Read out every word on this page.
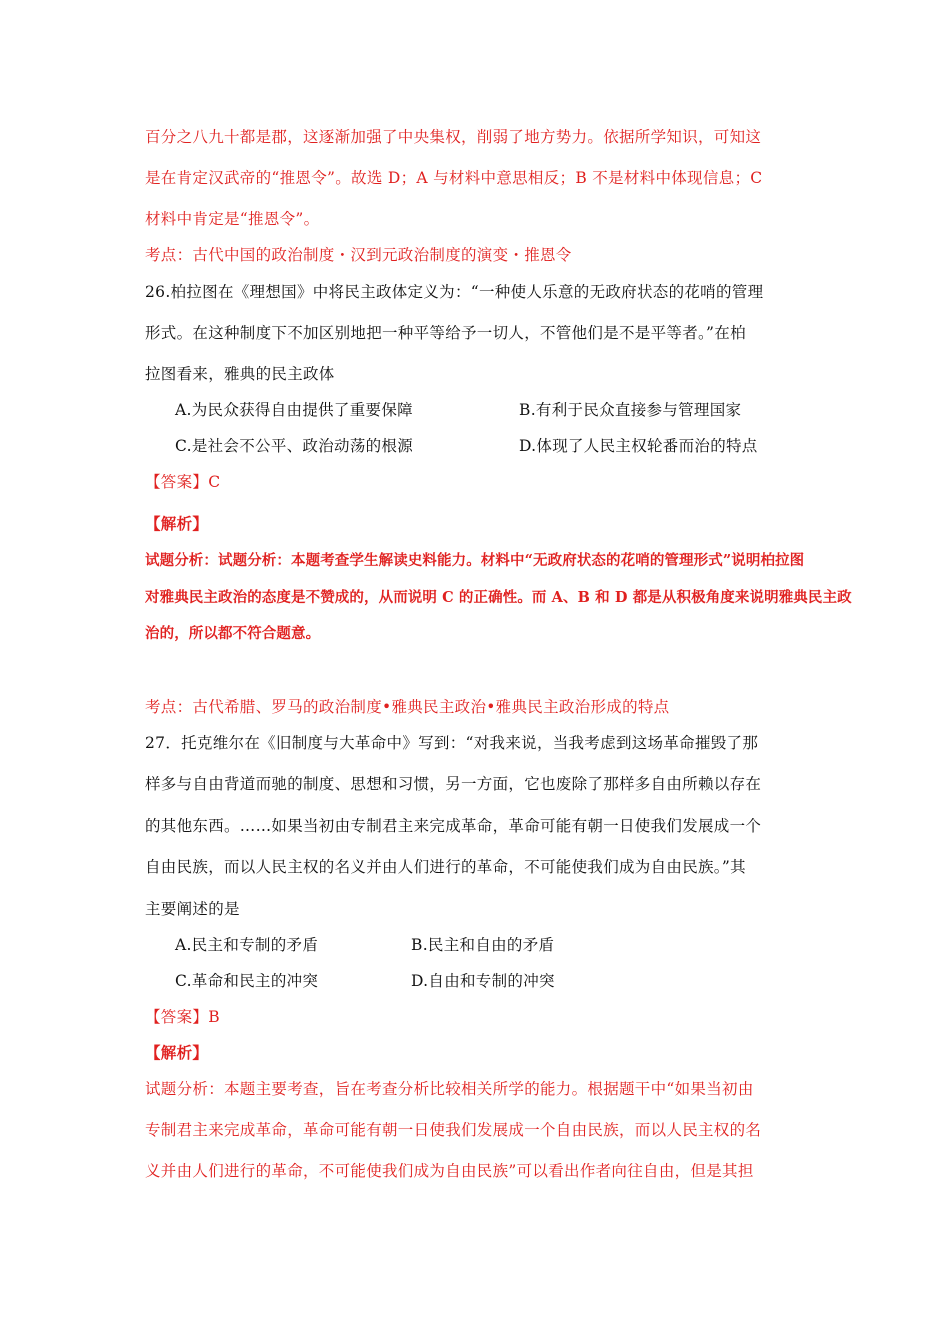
百分之八九十都是郡，这逐渐加强了中央集权，削弱了地方势力。依据所学知识，可知这
是在肯定汉武帝的“推恩令”。故选 D；A 与材料中意思相反；B 不是材料中体现信息；C
材料中肯定是“推恩令”。
考点：古代中国的政治制度・汉到元政治制度的演变・推恩令
26.柏拉图在《理想国》中将民主政体定义为：“一种使人乐意的无政府状态的花哨的管理
形式。在这种制度下不加区别地把一种平等给予一切人，不管他们是不是平等者。”在柏
拉图看来，雅典的民主政体
A.为民众获得自由提供了重要保障	B.有利于民众直接参与管理国家
C.是社会不公平、政治动荡的根源	D.体现了人民主权轮番而治的特点
【答案】C
【解析】
试题分析：试题分析：本题考查学生解读史料能力。材料中“无政府状态的花哨的管理形式”说明柏拉图
对雅典民主政治的态度是不赞成的，从而说明 C 的正确性。而 A、B 和 D 都是从积极角度来说明雅典民主政
治的，所以都不符合题意。
考点：古代希腊、罗马的政治制度•雅典民主政治•雅典民主政治形成的特点
27．托克维尔在《旧制度与大革命中》写到：“对我来说，当我考虑到这场革命摧毁了那
样多与自由背道而驰的制度、思想和习惯，另一方面，它也废除了那样多自由所赖以存在
的其他东西。……如果当初由专制君主来完成革命，革命可能有朝一日使我们发展成一个
自由民族，而以人民主权的名义并由人们进行的革命，不可能使我们成为自由民族。”其
主要阐述的是
A.民主和专制的矛盾	B.民主和自由的矛盾
C.革命和民主的冲突	D.自由和专制的冲突
【答案】B
【解析】
试题分析：本题主要考查，旨在考查分析比较相关所学的能力。根据题干中“如果当初由
专制君主来完成革命，革命可能有朝一日使我们发展成一个自由民族，而以人民主权的名
义并由人们进行的革命，不可能使我们成为自由民族”可以看出作者向往自由，但是其担
